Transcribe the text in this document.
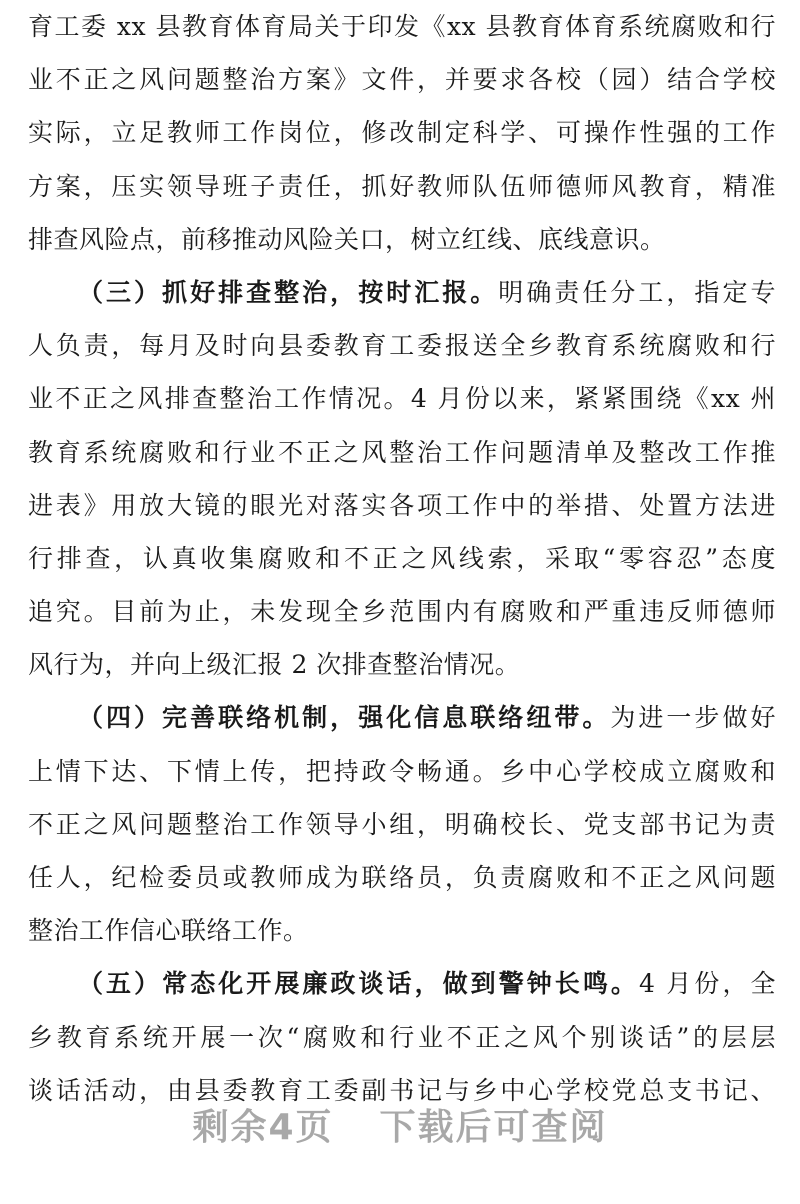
育工委 xx 县教育体育局关于印发《xx 县教育体育系统腐败和行
业不正之风问题整治方案》文件，并要求各校（园）结合学校
实际，立足教师工作岗位，修改制定科学、可操作性强的工作
方案，压实领导班子责任，抓好教师队伍师德师风教育，精准
排查风险点，前移推动风险关口，树立红线、底线意识。
（三）抓好排查整治，按时汇报。明确责任分工，指定专
人负责，每月及时向县委教育工委报送全乡教育系统腐败和行
业不正之风排查整治工作情况。4 月份以来，紧紧围绕《xx 州
教育系统腐败和行业不正之风整治工作问题清单及整改工作推
进表》用放大镜的眼光对落实各项工作中的举措、处置方法进
行排查，认真收集腐败和不正之风线索，采取“零容忍”态度
追究。目前为止，未发现全乡范围内有腐败和严重违反师德师
风行为，并向上级汇报 2 次排查整治情况。
（四）完善联络机制，强化信息联络纽带。为进一步做好
上情下达、下情上传，把持政令畅通。乡中心学校成立腐败和
不正之风问题整治工作领导小组，明确校长、党支部书记为责
任人，纪检委员或教师成为联络员，负责腐败和不正之风问题
整治工作信心联络工作。
（五）常态化开展廉政谈话，做到警钟长鸣。4 月份，全
乡教育系统开展一次“腐败和行业不正之风个别谈话”的层层
谈话活动，由县委教育工委副书记与乡中心学校党总支书记、
剩余4页 下载后可查阅
